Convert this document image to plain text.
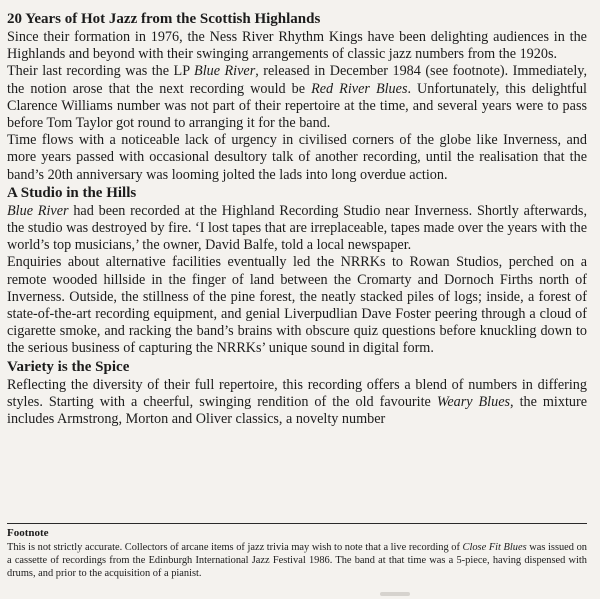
20 Years of Hot Jazz from the Scottish Highlands

Since their formation in 1976, the Ness River Rhythm Kings have been delighting audiences in the Highlands and beyond with their swinging arrangements of classic jazz numbers from the 1920s.

Their last recording was the LP Blue River, released in December 1984 (see footnote). Immediately, the notion arose that the next recording would be Red River Blues. Unfortunately, this delightful Clarence Williams number was not part of their repertoire at the time, and several years were to pass before Tom Taylor got round to arranging it for the band.

Time flows with a noticeable lack of urgency in civilised corners of the globe like Inverness, and more years passed with occasional desultory talk of another recording, until the realisation that the band’s 20th anniversary was looming jolted the lads into long overdue action.

A Studio in the Hills

Blue River had been recorded at the Highland Recording Studio near Inverness. Shortly afterwards, the studio was destroyed by fire. ‘I lost tapes that are irreplaceable, tapes made over the years with the world’s top musicians,’ the owner, David Balfe, told a local newspaper.

Enquiries about alternative facilities eventually led the NRRKs to Rowan Studios, perched on a remote wooded hillside in the finger of land between the Cromarty and Dornoch Firths north of Inverness. Outside, the stillness of the pine forest, the neatly stacked piles of logs; inside, a forest of state-of-the-art recording equipment, and genial Liverpudlian Dave Foster peering through a cloud of cigarette smoke, and racking the band’s brains with obscure quiz questions before knuckling down to the serious business of capturing the NRRKs’ unique sound in digital form.

Variety is the Spice

Reflecting the diversity of their full repertoire, this recording offers a blend of numbers in differing styles. Starting with a cheerful, swinging rendition of the old favourite Weary Blues, the mixture includes Armstrong, Morton and Oliver classics, a novelty number

Footnote

This is not strictly accurate. Collectors of arcane items of jazz trivia may wish to note that a live recording of Close Fit Blues was issued on a cassette of recordings from the Edinburgh International Jazz Festival 1986. The band at that time was a 5-piece, having dispensed with drums, and prior to the acquisition of a pianist.
